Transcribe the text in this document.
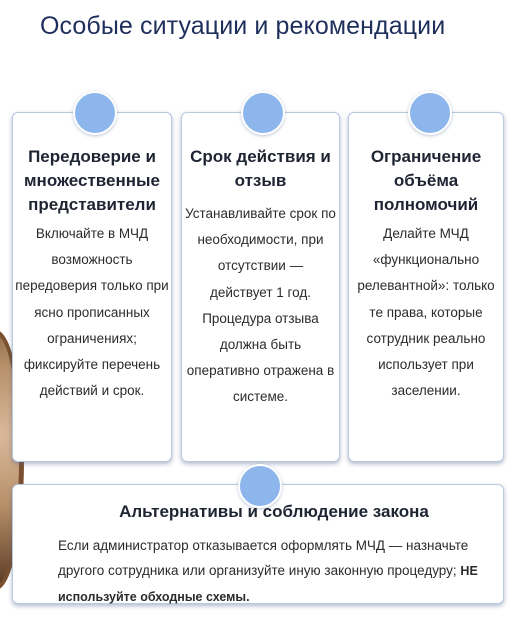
Особые ситуации и рекомендации
Передоверие и множественные представители
Срок действия и отзыв
Ограничение объёма полномочий
Включайте в МЧД возможность передоверия только при ясно прописанных ограничениях; фиксируйте перечень действий и срок.
Устанавливайте срок по необходимости, при отсутствии — действует 1 год. Процедура отзыва должна быть оперативно отражена в системе.
Делайте МЧД «функционально релевантной»: только те права, которые сотрудник реально использует при заселении.
Альтернативы и соблюдение закона
Если администратор отказывается оформлять МЧД — назначьте другого сотрудника или организуйте иную законную процедуру; НЕ используйте обходные схемы.
